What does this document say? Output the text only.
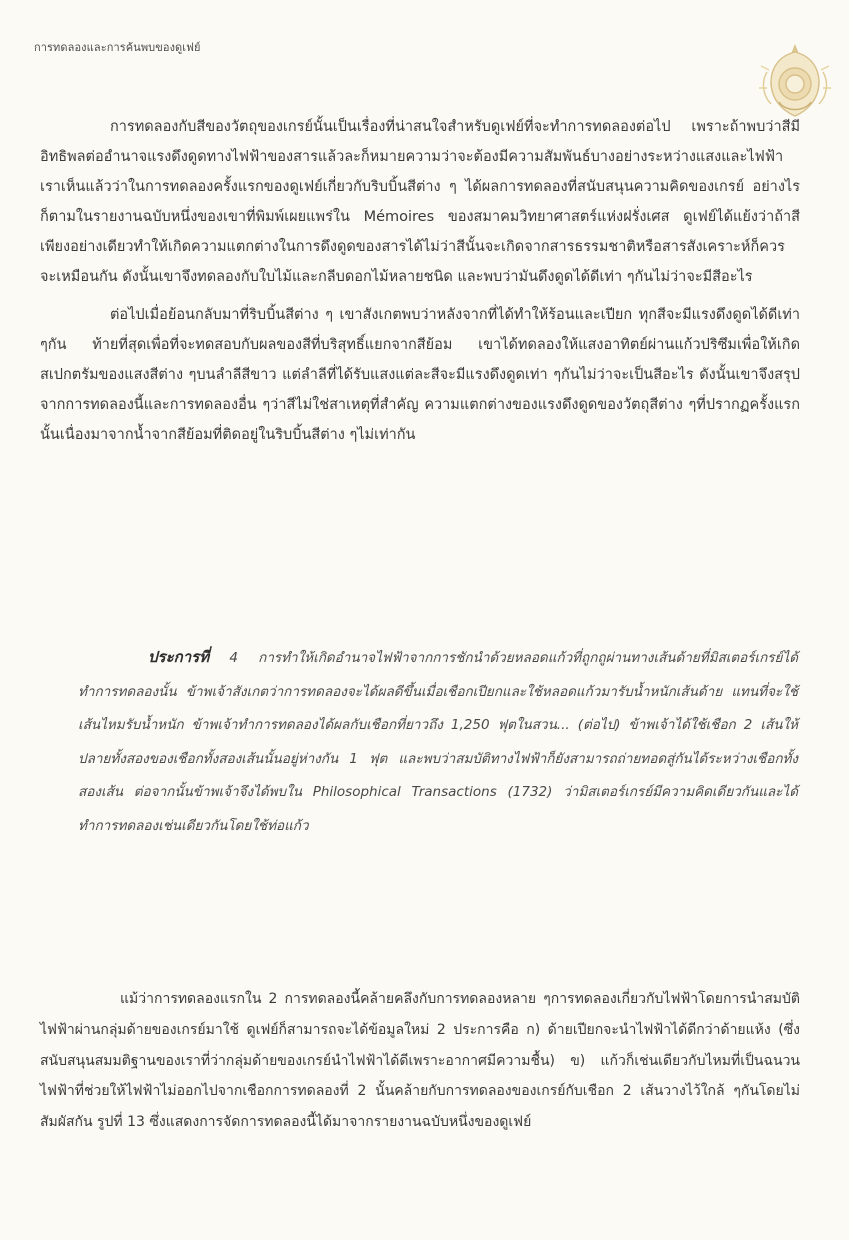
การทดลองและการค้นพบของดูเฟย์

การทดลองกับสีของวัตถุของเกรย์นั้นเป็นเรื่องที่น่าสนใจสำหรับดูเฟย์ที่จะทำการทดลองต่อไป เพราะถ้าพบว่าสีมีอิทธิพลต่ออำนาจแรงดึงดูดทางไฟฟ้าของสารแล้วละก็หมายความว่าจะต้องมีความสัมพันธ์บางอย่างระหว่างแสงและไฟฟ้า เราเห็นแล้วว่าในการทดลองครั้งแรกของดูเฟย์เกี่ยวกับริบบิ้นสีต่าง ๆ ได้ผลการทดลองที่สนับสนุนความคิดของเกรย์ อย่างไรก็ตามในรายงานฉบับหนึ่งของเขาที่พิมพ์เผยแพร่ใน Mémoires ของสมาคมวิทยาศาสตร์แห่งฝรั่งเศส ดูเฟย์ได้แย้งว่าถ้าสีเพียงอย่างเดียวทำให้เกิดความแตกต่างในการดึงดูดของสารได้ไม่ว่าสีนั้นจะเกิดจากสารธรรมชาติหรือสารสังเคราะห์ก็ควรจะเหมือนกัน ดังนั้นเขาจึงทดลองกับใบไม้และกลีบดอกไม้หลายชนิด และพบว่ามันดึงดูดได้ดีเท่า ๆกันไม่ว่าจะมีสีอะไร

ต่อไปเมื่อย้อนกลับมาที่ริบบิ้นสีต่าง ๆ เขาสังเกตพบว่าหลังจากที่ได้ทำให้ร้อนและเปียก ทุกสีจะมีแรงดึงดูดได้ดีเท่า ๆกัน ท้ายที่สุดเพื่อที่จะทดสอบกับผลของสีที่บริสุทธิ์แยกจากสีย้อม เขาได้ทดลองให้แสงอาทิตย์ผ่านแก้วปริซึมเพื่อให้เกิดสเปกตรัมของแสงสีต่าง ๆบนลำลีสีขาว แต่ลำลีที่ได้รับแสงแต่ละสีจะมีแรงดึงดูดเท่า ๆกันไม่ว่าจะเป็นสีอะไร ดังนั้นเขาจึงสรุปจากการทดลองนี้และการทดลองอื่น ๆว่าสีไม่ใช่สาเหตุที่สำคัญ ความแตกต่างของแรงดึงดูดของวัตถุสีต่าง ๆที่ปรากฏครั้งแรกนั้นเนื่องมาจากน้ำจากสีย้อมที่ติดอยู่ในริบบิ้นสีต่าง ๆไม่เท่ากัน

ประการที่ 4 การทำให้เกิดอำนาจไฟฟ้าจากการชักนำด้วยหลอดแก้วที่ถูกถูผ่านทางเส้นด้ายที่มิสเตอร์เกรย์ได้ทำการทดลองนั้น ข้าพเจ้าสังเกตว่าการทดลองจะได้ผลดีขึ้นเมื่อเชือกเปียกและใช้หลอดแก้วมารับน้ำหนักเส้นด้าย แทนที่จะใช้เส้นไหมรับน้ำหนัก ข้าพเจ้าทำการทดลองได้ผลกับเชือกที่ยาวถึง 1,250 ฟุตในสวน... (ต่อไป) ข้าพเจ้าได้ใช้เชือก 2 เส้นให้ปลายทั้งสองของเชือกทั้งสองเส้นนั้นอยู่ห่างกัน 1 ฟุต และพบว่าสมบัติทางไฟฟ้าก็ยังสามารถถ่ายทอดสู่กันได้ระหว่างเชือกทั้งสองเส้น ต่อจากนั้นข้าพเจ้าจึงได้พบใน Philosophical Transactions (1732) ว่ามิสเตอร์เกรย์มีความคิดเดียวกันและได้ทำการทดลองเช่นเดียวกันโดยใช้ท่อแก้ว

แม้ว่าการทดลองแรกใน 2 การทดลองนี้คล้ายคลึงกับการทดลองหลาย ๆการทดลองเกี่ยวกับไฟฟ้าโดยการนำสมบัติไฟฟ้าผ่านกลุ่มด้ายของเกรย์มาใช้ ดูเฟย์ก็สามารถจะได้ข้อมูลใหม่ 2 ประการคือ ก) ด้ายเปียกจะนำไฟฟ้าได้ดีกว่าด้ายแห้ง (ซึ่งสนับสนุนสมมติฐานของเราที่ว่ากลุ่มด้ายของเกรย์นำไฟฟ้าได้ดีเพราะอากาศมีความชื้น) ข) แก้วก็เช่นเดียวกับไหมที่เป็นฉนวนไฟฟ้าที่ช่วยให้ไฟฟ้าไม่ออกไปจากเชือกการทดลองที่ 2 นั้นคล้ายกับการทดลองของเกรย์กับเชือก 2 เส้นวางไว้ใกล้ ๆกันโดยไม่สัมผัสกัน รูปที่ 13 ซึ่งแสดงการจัดการทดลองนี้ได้มาจากรายงานฉบับหนึ่งของดูเฟย์
